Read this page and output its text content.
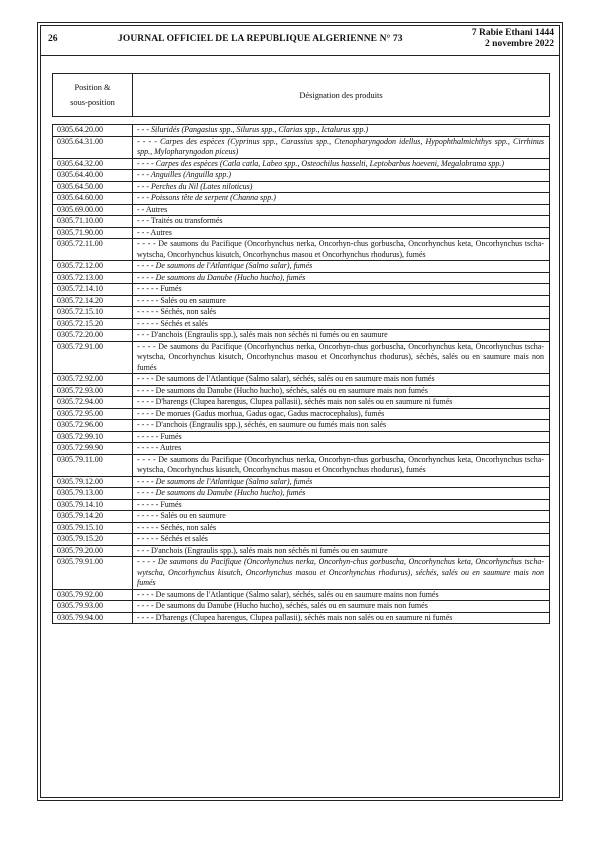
26	JOURNAL OFFICIEL DE LA REPUBLIQUE ALGERIENNE N° 73
7 Rabie Ethani 1444
2 novembre 2022
Position &
sous-position	Désignation des produits

0305.64.20.00	- - - Siluridés (Pangasius spp., Silurus spp., Clarias spp., Ictalurus spp.)
0305.64.31.00	- - - - Carpes des espèces (Cyprinus spp., Carassius spp., Ctenopharyngodon idellus, Hypophthalmichthys spp., Cirrhinus spp., Mylopharyngodon piceus)
0305.64.32.00	- - - - Carpes des espèces (Catla catla, Labeo spp., Osteochilus hasselti, Leptobarbus hoeveni, Megalobrama spp.)
0305.64.40.00	- - - Anguilles (Anguilla spp.)
0305.64.50.00	- - - Perches du Nil (Lates niloticus)
0305.64.60.00	- - - Poissons tête de serpent (Channa spp.)
0305.69.00.00	- - Autres
0305.71.10.00	- - - Traités ou transformés
0305.71.90.00	- - - Autres
0305.72.11.00	- - - - De saumons du Pacifique (Oncorhynchus nerka, Oncorhyn-chus gorbuscha, Oncorhynchus keta, Oncorhynchus tscha-wytscha, Oncorhynchus kisutch, Oncorhynchus masou et Oncorhynchus rhodurus), fumés
0305.72.12.00	- - - - De saumons de l'Atlantique (Salmo salar), fumés
0305.72.13.00	- - - - De saumons du Danube (Hucho hucho), fumés
0305.72.14.10	- - - - - Fumés
0305.72.14.20	- - - - - Salés ou en saumure
0305.72.15.10	- - - - - Séchés, non salés
0305.72.15.20	- - - - - Séchés et salés
0305.72.20.00	- - - D'anchois (Engraulis spp.), salés mais non séchés ni fumés ou en saumure
0305.72.91.00	- - - - De saumons du Pacifique (Oncorhynchus nerka, Oncorhyn-chus gorbuscha, Oncorhynchus keta, Oncorhynchus tscha-wytscha, Oncorhynchus kisutch, Oncorhynchus masou et Oncorhynchus rhodurus), séchés, salés ou en saumure mais non fumés
0305.72.92.00	- - - - De saumons de l'Atlantique (Salmo salar), séchés, salés ou en saumure mais non fumés
0305.72.93.00	- - - - De saumons du Danube (Hucho hucho), séchés, salés ou en saumure mais non fumés
0305.72.94.00	- - - - D'harengs (Clupea harengus, Clupea pallasii), séchés mais non salés ou en saumure ni fumés
0305.72.95.00	- - - - De morues (Gadus morhua, Gadus ogac, Gadus macrocephalus), fumés
0305.72.96.00	- - - - D'anchois (Engraulis spp.), séchés, en saumure ou fumés mais non salés
0305.72.99.10	- - - - - Fumés
0305.72.99.90	- - - - - Autres
0305.79.11.00	- - - - De saumons du Pacifique (Oncorhynchus nerka, Oncorhyn-chus gorbuscha, Oncorhynchus keta, Oncorhynchus tscha-wytscha, Oncorhynchus kisutch, Oncorhynchus masou et Oncorhynchus rhodurus), fumés
0305.79.12.00	- - - - De saumons de l'Atlantique (Salmo salar), fumés
0305.79.13.00	- - - - De saumons du Danube (Hucho hucho), fumés
0305.79.14.10	- - - - - Fumés
0305.79.14.20	- - - - - Salés ou en saumure
0305.79.15.10	- - - - - Séchés, non salés
0305.79.15.20	- - - - - Séchés et salés
0305.79.20.00	- - - D'anchois (Engraulis spp.), salés mais non séchés ni fumés ou en saumure
0305.79.91.00	- - - - De saumons du Pacifique (Oncorhynchus nerka, Oncorhyn-chus gorbuscha, Oncorhynchus keta, Oncorhynchus tscha-wytscha, Oncorhynchus kisutch, Oncorhynchus masou et Oncorhynchus rhodurus), séchés, salés ou en saumure mais non fumés
0305.79.92.00	- - - - De saumons de l'Atlantique (Salmo salar), séchés, salés ou en saumure mains non fumés
0305.79.93.00	- - - - De saumons du Danube (Hucho hucho), séchés, salés ou en saumure mais non fumés
0305.79.94.00	- - - - D'harengs (Clupea harengus, Clupea pallasii), séchés mais non salés ou en saumure ni fumés
